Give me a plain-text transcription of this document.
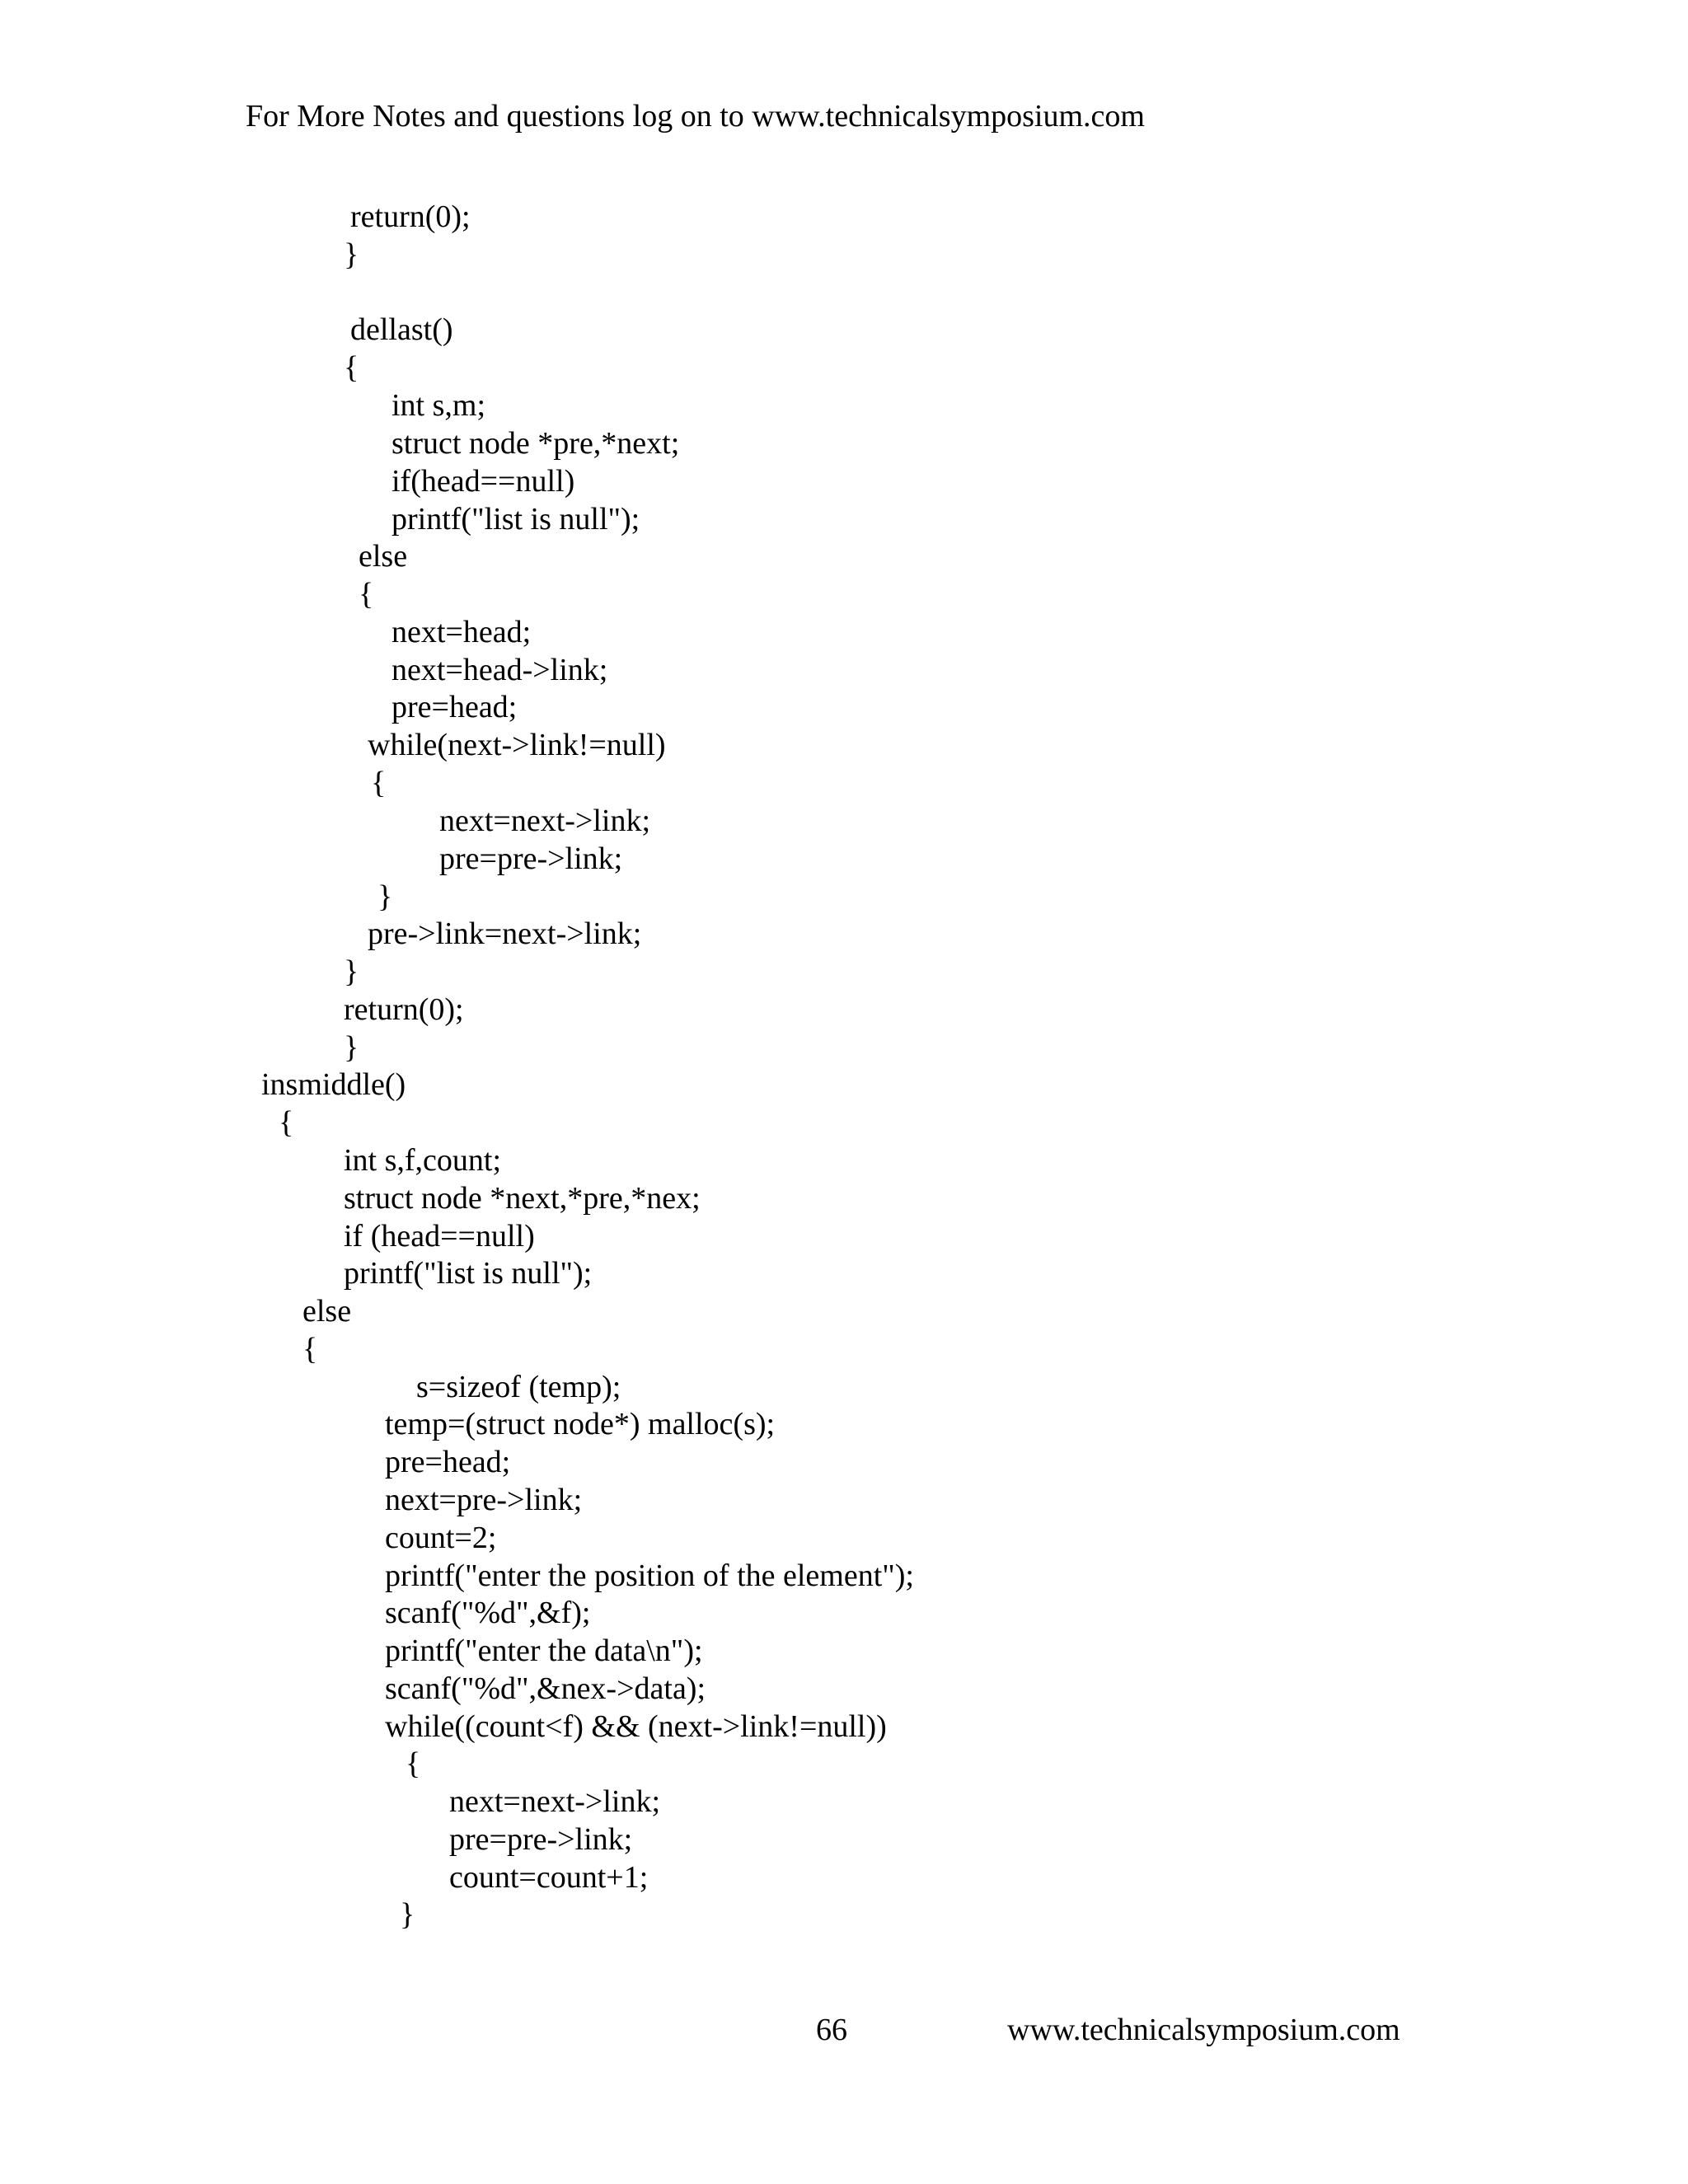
For More Notes and questions log on to www.technicalsymposium.com
return(0);
}
dellast()
{
int s,m;
struct node *pre,*next;
if(head==null)
printf("list is null");
else
{
next=head;
next=head->link;
pre=head;
while(next->link!=null)
{
next=next->link;
pre=pre->link;
}
pre->link=next->link;
}
return(0);
}
insmiddle()
{
int s,f,count;
struct node *next,*pre,*nex;
if (head==null)
printf("list is null");
else
{
s=sizeof (temp);
temp=(struct node*) malloc(s);
pre=head;
next=pre->link;
count=2;
printf("enter the position of the element");
scanf("%d",&f);
printf("enter the data\n");
scanf("%d",&nex->data);
while((count<f) && (next->link!=null))
{
next=next->link;
pre=pre->link;
count=count+1;
}
66	www.technicalsymposium.com
